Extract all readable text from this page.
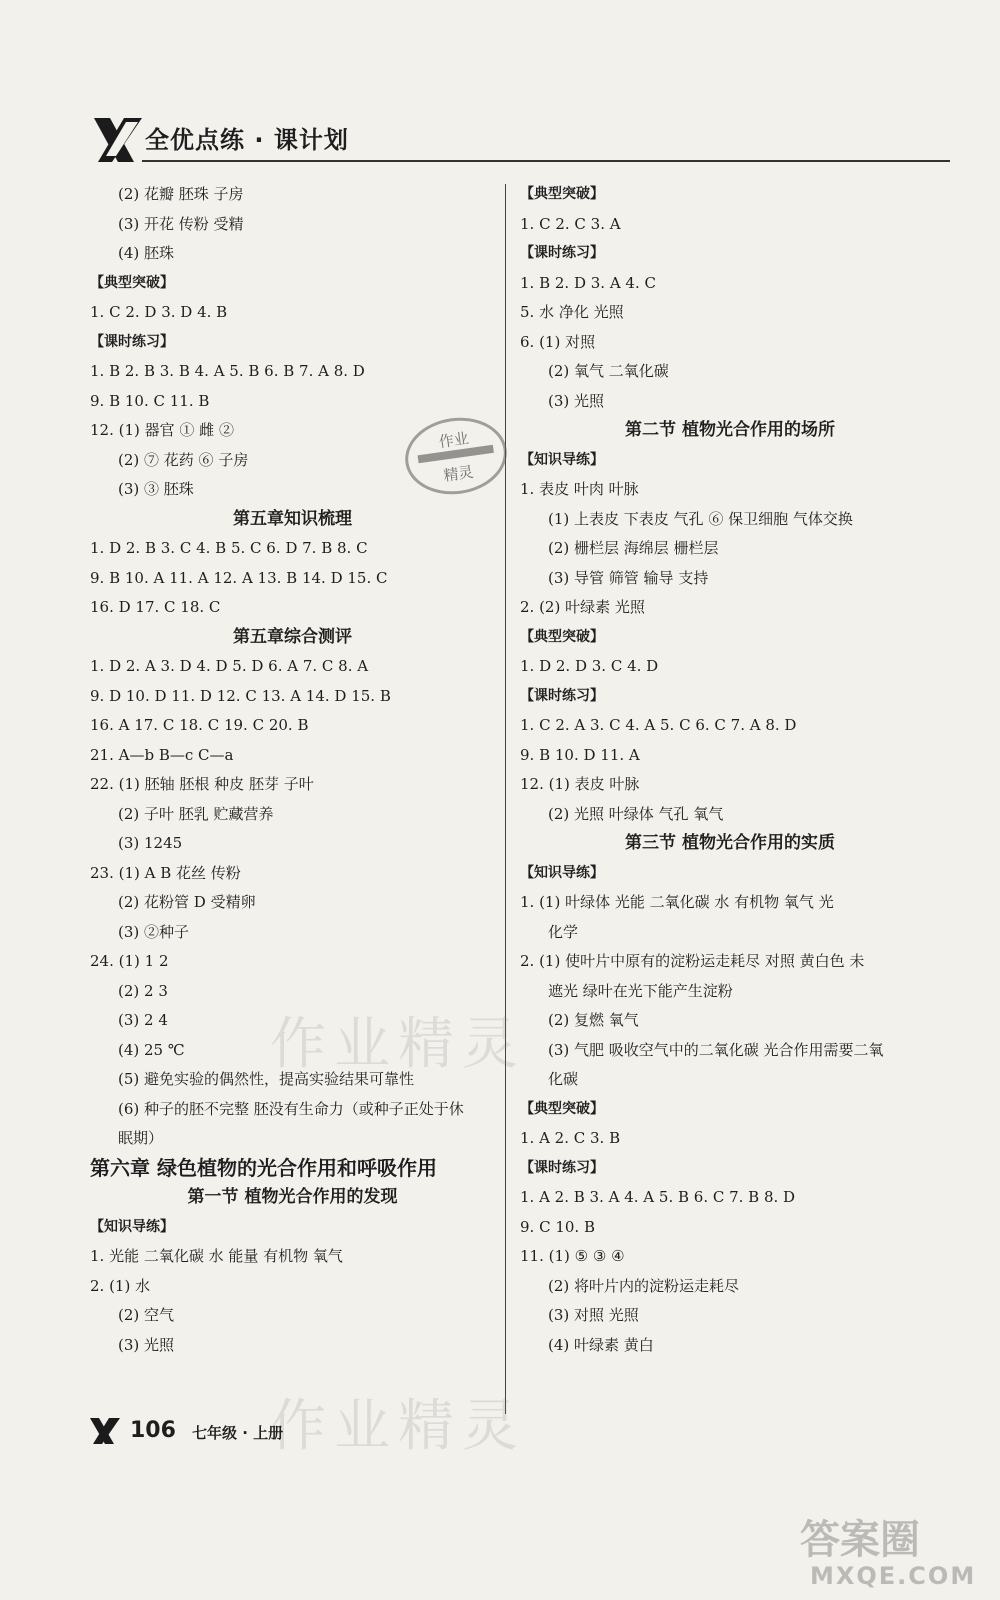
全优点练 · 课计划
(2) 花瓣 胚珠 子房
(3) 开花 传粉 受精
(4) 胚珠
【典型突破】
1. C 2. D 3. D 4. B
【课时练习】
1. B 2. B 3. B 4. A 5. B 6. B 7. A 8. D
9. B 10. C 11. B
12. (1) 器官 ① 雌 ②
(2) ⑦ 花药 ⑥ 子房
(3) ③ 胚珠
第五章知识梳理
1. D 2. B 3. C 4. B 5. C 6. D 7. B 8. C
9. B 10. A 11. A 12. A 13. B 14. D 15. C
16. D 17. C 18. C
第五章综合测评
1. D 2. A 3. D 4. D 5. D 6. A 7. C 8. A
9. D 10. D 11. D 12. C 13. A 14. D 15. B
16. A 17. C 18. C 19. C 20. B
21. A—b B—c C—a
22. (1) 胚轴 胚根 种皮 胚芽 子叶
(2) 子叶 胚乳 贮藏营养
(3) 1245
23. (1) A B 花丝 传粉
(2) 花粉管 D 受精卵
(3) ②种子
24. (1) 1 2
(2) 2 3
(3) 2 4
(4) 25 ℃
(5) 避免实验的偶然性，提高实验结果可靠性
(6) 种子的胚不完整 胚没有生命力（或种子正处于休
眠期）
第六章 绿色植物的光合作用和呼吸作用
第一节 植物光合作用的发现
【知识导练】
1. 光能 二氧化碳 水 能量 有机物 氧气
2. (1) 水
(2) 空气
(3) 光照
【典型突破】
1. C 2. C 3. A
【课时练习】
1. B 2. D 3. A 4. C
5. 水 净化 光照
6. (1) 对照
(2) 氧气 二氧化碳
(3) 光照
第二节 植物光合作用的场所
【知识导练】
1. 表皮 叶肉 叶脉
(1) 上表皮 下表皮 气孔 ⑥ 保卫细胞 气体交换
(2) 栅栏层 海绵层 栅栏层
(3) 导管 筛管 输导 支持
2. (2) 叶绿素 光照
【典型突破】
1. D 2. D 3. C 4. D
【课时练习】
1. C 2. A 3. C 4. A 5. C 6. C 7. A 8. D
9. B 10. D 11. A
12. (1) 表皮 叶脉
(2) 光照 叶绿体 气孔 氧气
第三节 植物光合作用的实质
【知识导练】
1. (1) 叶绿体 光能 二氧化碳 水 有机物 氧气 光
化学
2. (1) 使叶片中原有的淀粉运走耗尽 对照 黄白色 未
遮光 绿叶在光下能产生淀粉
(2) 复燃 氧气
(3) 气肥 吸收空气中的二氧化碳 光合作用需要二氧
化碳
【典型突破】
1. A 2. C 3. B
【课时练习】
1. A 2. B 3. A 4. A 5. B 6. C 7. B 8. D
9. C 10. B
11. (1) ⑤ ③ ④
(2) 将叶片内的淀粉运走耗尽
(3) 对照 光照
(4) 叶绿素 黄白
作业精灵
作业精灵
作业
精灵
答案圈
MXQE.COM
106 七年级 · 上册
